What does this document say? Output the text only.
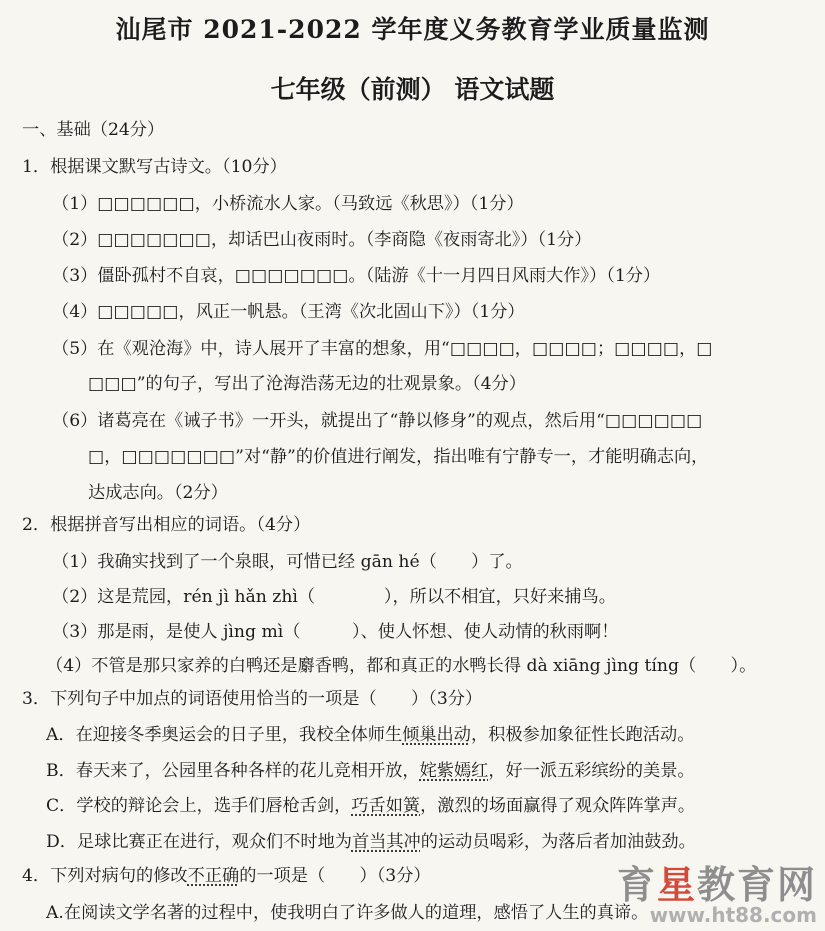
汕尾市 2021-2022 学年度义务教育学业质量监测
七年级（前测） 语文试题
一、基础（24分）
1．根据课文默写古诗文。（10分）
（1）□□□□□□，小桥流水人家。（马致远《秋思》）（1分）
（2）□□□□□□□，却话巴山夜雨时。（李商隐《夜雨寄北》）（1分）
（3）僵卧孤村不自哀，□□□□□□□。（陆游《十一月四日风雨大作》）（1分）
（4）□□□□□，风正一帆悬。（王湾《次北固山下》）（1分）
（5）在《观沧海》中，诗人展开了丰富的想象，用“□□□□，□□□□；□□□□，□
□□□”的句子，写出了沧海浩荡无边的壮观景象。（4分）
（6）诸葛亮在《诫子书》一开头，就提出了“静以修身”的观点，然后用“□□□□□□
□，□□□□□□□”对“静”的价值进行阐发，指出唯有宁静专一，才能明确志向，
达成志向。（2分）
2．根据拼音写出相应的词语。（4分）
（1）我确实找到了一个泉眼，可惜已经 gān hé（　　）了。
（2）这是荒园，rén jì hǎn zhì（　　　　），所以不相宜，只好来捕鸟。
（3）那是雨，是使人 jìng mì（　　　）、使人怀想、使人动情的秋雨啊！
（4）不管是那只家养的白鸭还是麝香鸭，都和真正的水鸭长得 dà xiāng jìng tíng（　　）。
3．下列句子中加点的词语使用恰当的一项是（　　）（3分）
A．在迎接冬季奥运会的日子里，我校全体师生倾巢出动，积极参加象征性长跑活动。
B．春天来了，公园里各种各样的花儿竞相开放，姹紫嫣红，好一派五彩缤纷的美景。
C．学校的辩论会上，选手们唇枪舌剑，巧舌如簧，激烈的场面赢得了观众阵阵掌声。
D．足球比赛正在进行，观众们不时地为首当其冲的运动员喝彩，为落后者加油鼓劲。
4．下列对病句的修改不正确的一项是（　　）（3分）
A.在阅读文学名著的过程中，使我明白了许多做人的道理，感悟了人生的真谛。
育星教育网
www.ht88.com
